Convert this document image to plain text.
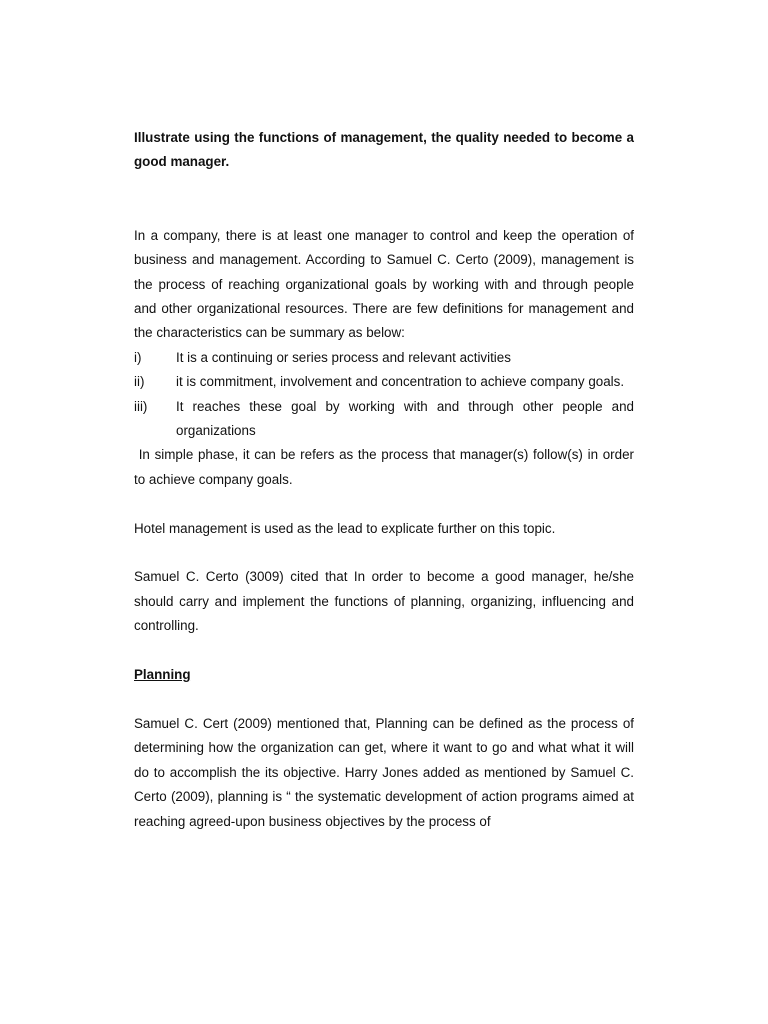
Illustrate using the functions of management, the quality needed to become a good manager.

In a company, there is at least one manager to control and keep the operation of business and management. According to Samuel C. Certo (2009), management is the process of reaching organizational goals by working with and through people and other organizational resources. There are few definitions for management and the characteristics can be summary as below:

i)	It is a continuing or series process and relevant activities
ii)	it is commitment, involvement and concentration to achieve company goals.
iii)	It reaches these goal by working with and through other people and organizations

In simple phase, it can be refers as the process that manager(s) follow(s) in order to achieve company goals.

Hotel management is used as the lead to explicate further on this topic.

Samuel C. Certo (3009) cited that In order to become a good manager, he/she should carry and implement the functions of planning, organizing, influencing and controlling.

Planning

Samuel C. Cert (2009) mentioned that, Planning can be defined as the process of determining how the organization can get, where it want to go and what what it will do to accomplish the its objective. Harry Jones added as mentioned by Samuel C. Certo (2009), planning is “ the systematic development of action programs aimed at reaching agreed-upon business objectives by the process of
